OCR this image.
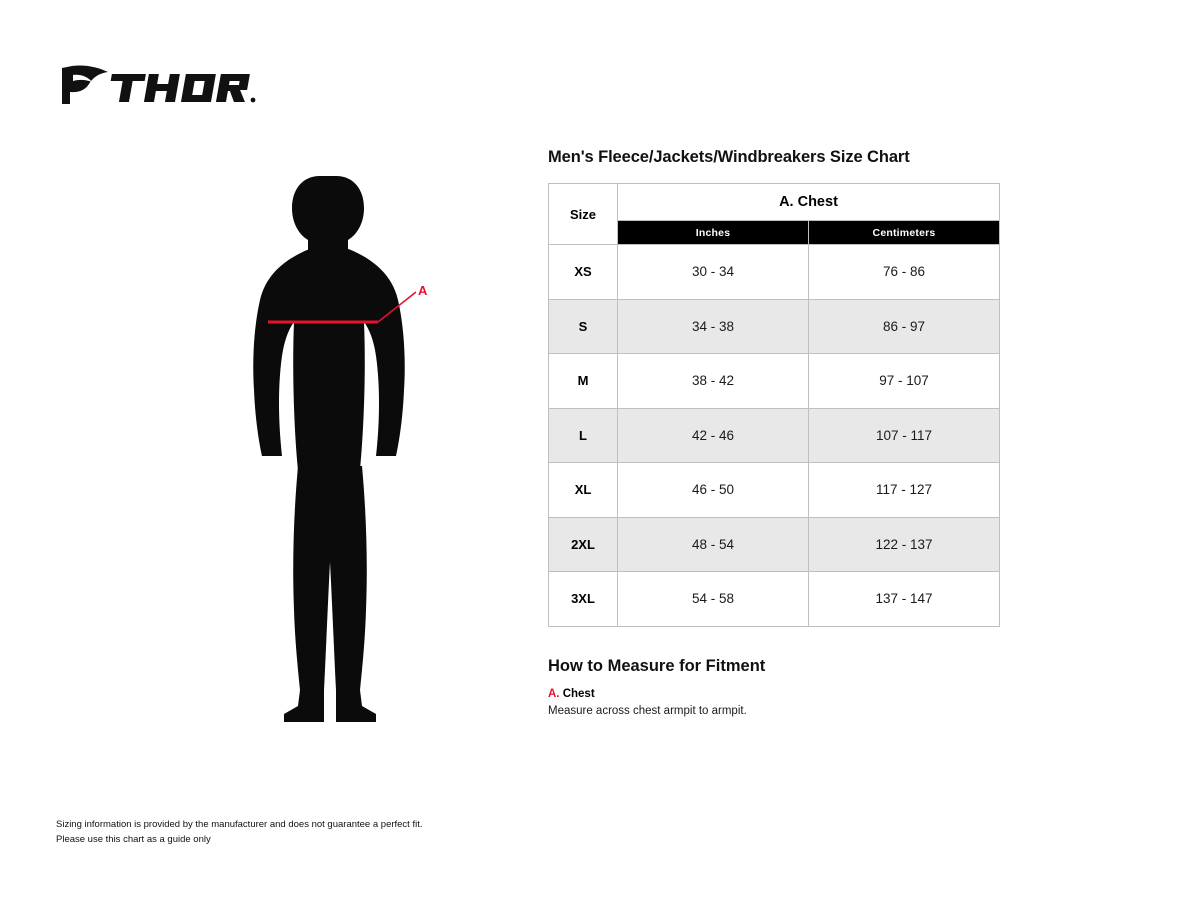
A
Men's Fleece/Jackets/Windbreakers Size Chart
Size	A. Chest	
	Inches	Centimeters
XS	30 - 34	76 - 86
S	34 - 38	86 - 97
M	38 - 42	97 - 107
L	42 - 46	107 - 117
XL	46 - 50	117 - 127
2XL	48 - 54	122 - 137
3XL	54 - 58	137 - 147
How to Measure for Fitment
A. Chest
Measure across chest armpit to armpit.
Sizing information is provided by the manufacturer and does not guarantee a perfect fit.
Please use this chart as a guide only
